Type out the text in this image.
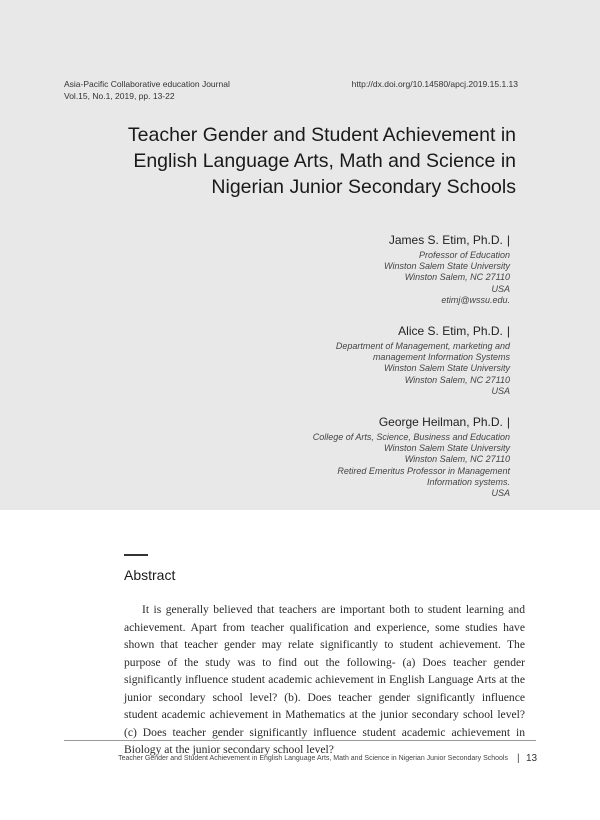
Asia-Pacific Collaborative education Journal
Vol.15, No.1, 2019, pp. 13-22
http://dx.doi.org/10.14580/apcj.2019.15.1.13
Teacher Gender and Student Achievement in
English Language Arts, Math and Science in
Nigerian Junior Secondary Schools
James S. Etim, Ph.D. |
Professor of Education
Winston Salem State University
Winston Salem, NC 27110
USA
etimj@wssu.edu.
Alice S. Etim, Ph.D. |
Department of Management, marketing and
management Information Systems
Winston Salem State University
Winston Salem, NC 27110
USA
George Heilman, Ph.D. |
College of Arts, Science, Business and Education
Winston Salem State University
Winston Salem, NC 27110
Retired Emeritus Professor in Management
Information systems.
USA
Abstract

It is generally believed that teachers are important both to student learning and achievement. Apart from teacher qualification and experience, some studies have shown that teacher gender may relate significantly to student achievement. The purpose of the study was to find out the following- (a) Does teacher gender significantly influence student academic achievement in English Language Arts at the junior secondary school level? (b). Does teacher gender significantly influence student academic achievement in Mathematics at the junior secondary school level? (c) Does teacher gender significantly influence student academic achievement in Biology at the junior secondary school level?

Teacher Gender and Student Achievement in English Language Arts, Math and Science in Nigerian Junior Secondary Schools | 13
